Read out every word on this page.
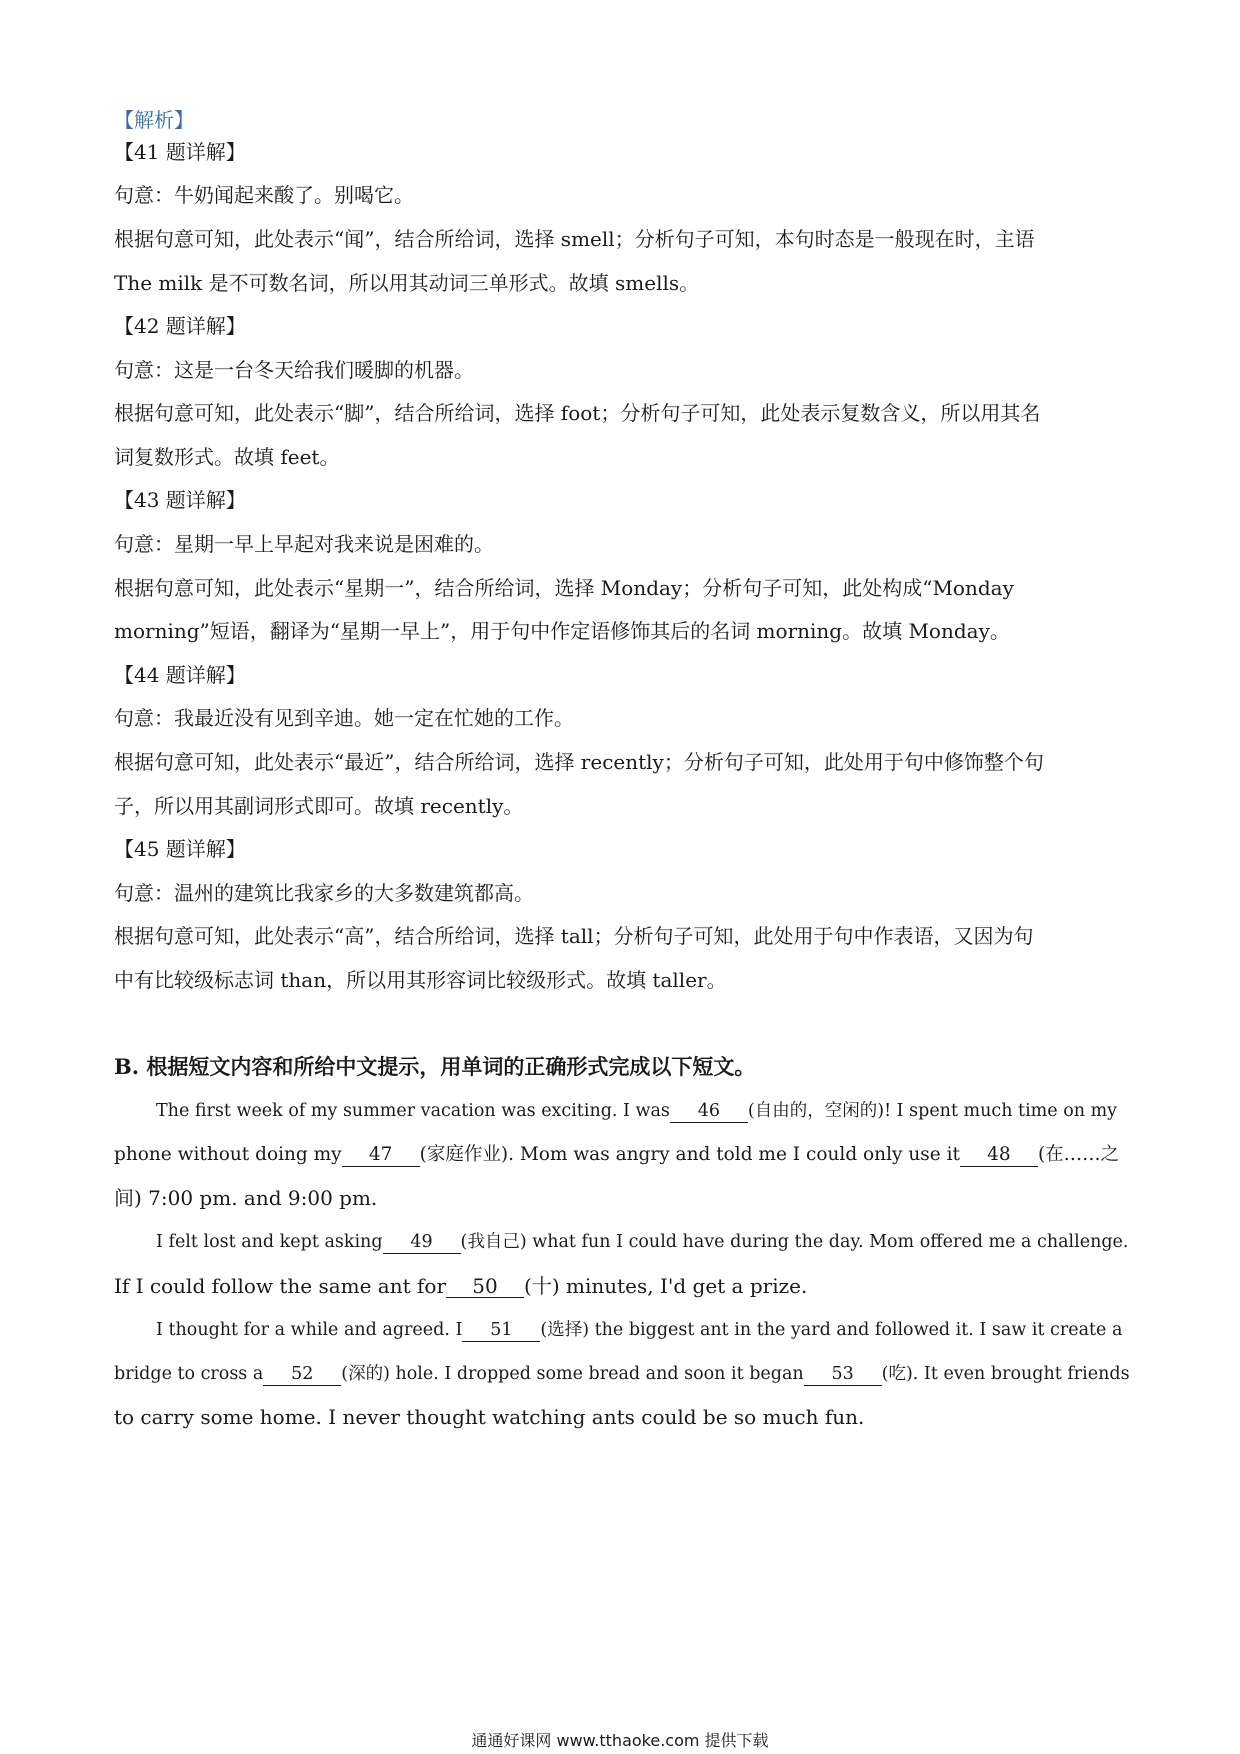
【解析】
【41 题详解】
句意：牛奶闻起来酸了。别喝它。
根据句意可知，此处表示“闻”，结合所给词，选择 smell；分析句子可知，本句时态是一般现在时，主语
The milk 是不可数名词，所以用其动词三单形式。故填 smells。
【42 题详解】
句意：这是一台冬天给我们暖脚的机器。
根据句意可知，此处表示“脚”，结合所给词，选择 foot；分析句子可知，此处表示复数含义，所以用其名
词复数形式。故填 feet。
【43 题详解】
句意：星期一早上早起对我来说是困难的。
根据句意可知，此处表示“星期一”，结合所给词，选择 Monday；分析句子可知，此处构成“Monday
morning”短语，翻译为“星期一早上”，用于句中作定语修饰其后的名词 morning。故填 Monday。
【44 题详解】
句意：我最近没有见到辛迪。她一定在忙她的工作。
根据句意可知，此处表示“最近”，结合所给词，选择 recently；分析句子可知，此处用于句中修饰整个句
子，所以用其副词形式即可。故填 recently。
【45 题详解】
句意：温州的建筑比我家乡的大多数建筑都高。
根据句意可知，此处表示“高”，结合所给词，选择 tall；分析句子可知，此处用于句中作表语，又因为句
中有比较级标志词 than，所以用其形容词比较级形式。故填 taller。
B. 根据短文内容和所给中文提示，用单词的正确形式完成以下短文。
The first week of my summer vacation was exciting. I was 46 (自由的，空闲的)! I spent much time on my
phone without doing my 47 (家庭作业). Mom was angry and told me I could only use it 48 (在……之
间) 7:00 pm. and 9:00 pm.
I felt lost and kept asking 49 (我自己) what fun I could have during the day. Mom offered me a challenge.
If I could follow the same ant for 50 (十) minutes, I'd get a prize.
I thought for a while and agreed. I 51 (选择) the biggest ant in the yard and followed it. I saw it create a
bridge to cross a 52 (深的) hole. I dropped some bread and soon it began 53 (吃). It even brought friends
to carry some home. I never thought watching ants could be so much fun.
通通好课网 www.tthaoke.com 提供下载
